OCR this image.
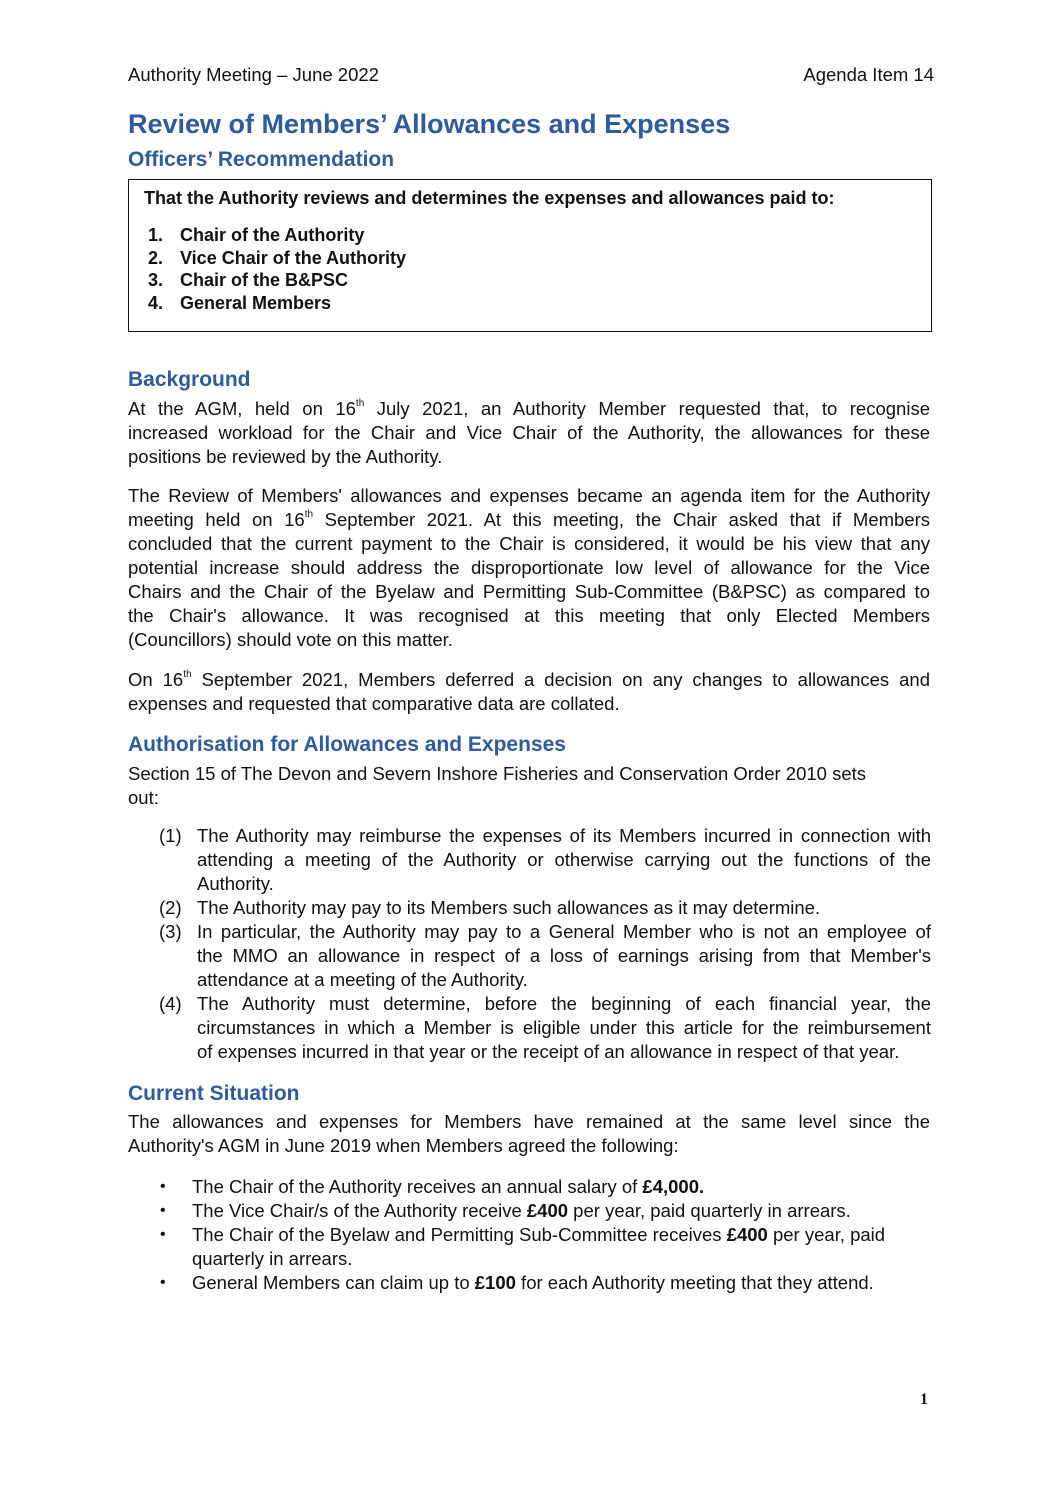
Authority Meeting – June 2022	Agenda Item 14
Review of Members’ Allowances and Expenses
Officers’ Recommendation
That the Authority reviews and determines the expenses and allowances paid to:
1. Chair of the Authority
2. Vice Chair of the Authority
3. Chair of the B&PSC
4. General Members
Background
At the AGM, held on 16th July 2021, an Authority Member requested that, to recognise
increased workload for the Chair and Vice Chair of the Authority, the allowances for these
positions be reviewed by the Authority.
The Review of Members' allowances and expenses became an agenda item for the Authority
meeting held on 16th September 2021. At this meeting, the Chair asked that if Members
concluded that the current payment to the Chair is considered, it would be his view that any
potential increase should address the disproportionate low level of allowance for the Vice
Chairs and the Chair of the Byelaw and Permitting Sub-Committee (B&PSC) as compared to
the Chair's allowance. It was recognised at this meeting that only Elected Members
(Councillors) should vote on this matter.
On 16th September 2021, Members deferred a decision on any changes to allowances and
expenses and requested that comparative data are collated.
Authorisation for Allowances and Expenses
Section 15 of The Devon and Severn Inshore Fisheries and Conservation Order 2010 sets
out:
(1) The Authority may reimburse the expenses of its Members incurred in connection with
attending a meeting of the Authority or otherwise carrying out the functions of the
Authority.
(2) The Authority may pay to its Members such allowances as it may determine.
(3) In particular, the Authority may pay to a General Member who is not an employee of
the MMO an allowance in respect of a loss of earnings arising from that Member's
attendance at a meeting of the Authority.
(4) The Authority must determine, before the beginning of each financial year, the
circumstances in which a Member is eligible under this article for the reimbursement
of expenses incurred in that year or the receipt of an allowance in respect of that year.
Current Situation
The allowances and expenses for Members have remained at the same level since the
Authority's AGM in June 2019 when Members agreed the following:
• The Chair of the Authority receives an annual salary of £4,000.
• The Vice Chair/s of the Authority receive £400 per year, paid quarterly in arrears.
• The Chair of the Byelaw and Permitting Sub-Committee receives £400 per year, paid
quarterly in arrears.
• General Members can claim up to £100 for each Authority meeting that they attend.
1
